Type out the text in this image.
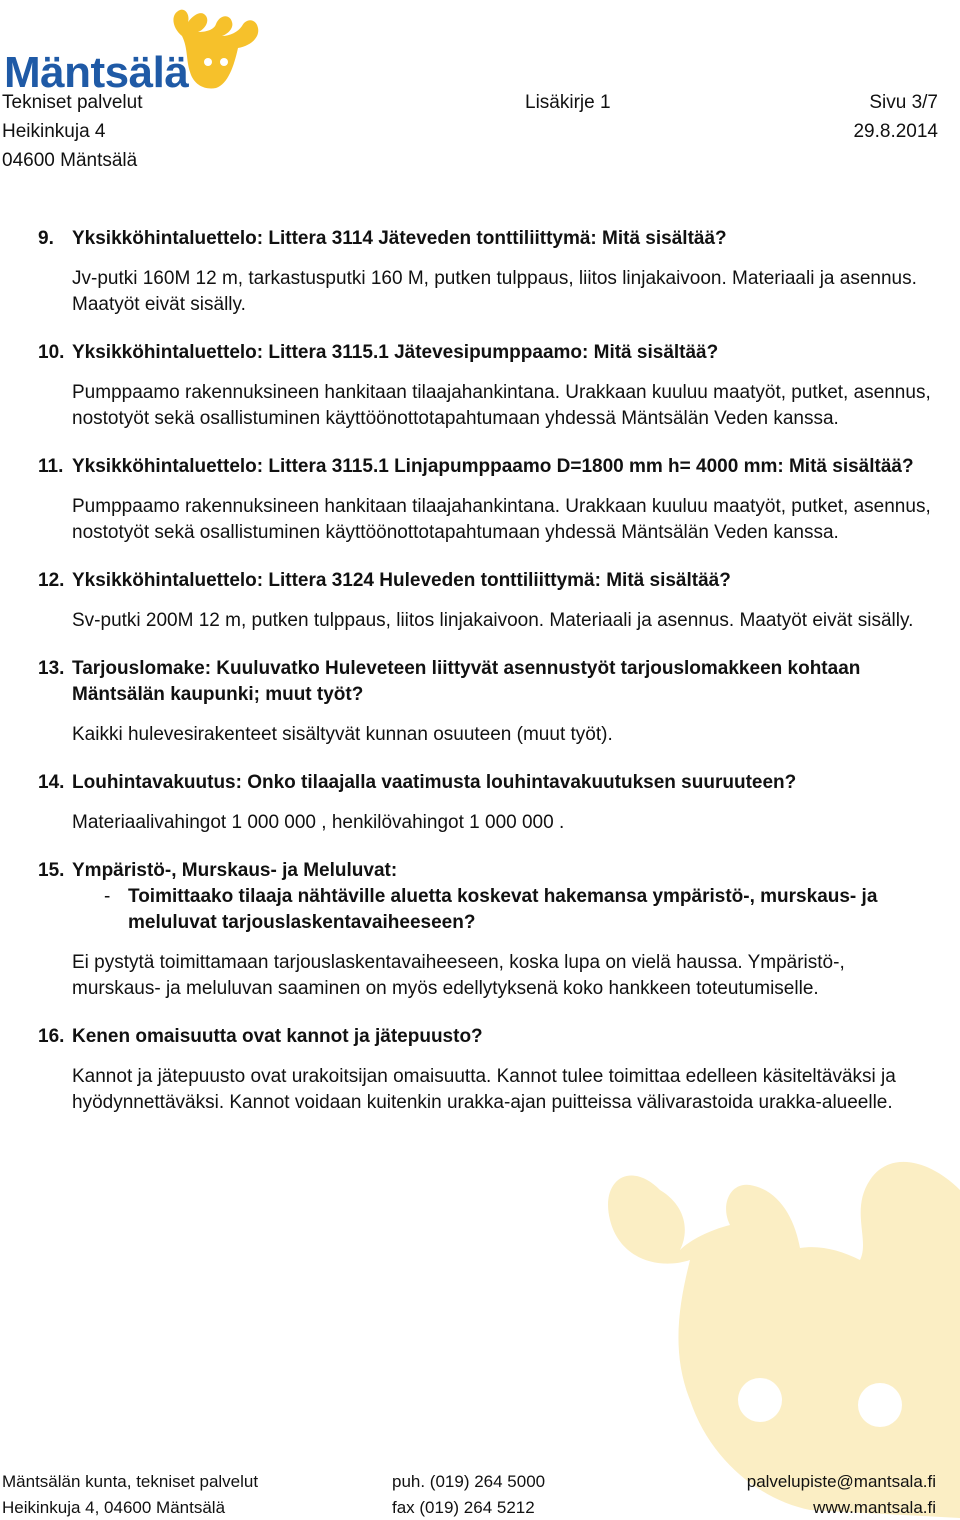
Mäntsälä
Tekniset palvelut
Heikinkuja 4
04600 Mäntsälä
Lisäkirje 1	Sivu 3/7
29.8.2014
9. Yksikköhintaluettelo: Littera 3114 Jäteveden tonttiliittymä: Mitä sisältää?
Jv-putki 160M 12 m, tarkastusputki 160 M, putken tulppaus, liitos linjakaivoon. Materiaali ja asennus. Maatyöt eivät sisälly.
10. Yksikköhintaluettelo: Littera 3115.1 Jätevesipumppaamo: Mitä sisältää?
Pumppaamo rakennuksineen hankitaan tilaajahankintana. Urakkaan kuuluu maatyöt, putket, asennus, nostotyöt sekä osallistuminen käyttöönottotapahtumaan yhdessä Mäntsälän Veden kanssa.
11. Yksikköhintaluettelo: Littera 3115.1 Linjapumppaamo D=1800 mm h= 4000 mm: Mitä sisältää?
Pumppaamo rakennuksineen hankitaan tilaajahankintana. Urakkaan kuuluu maatyöt, putket, asennus, nostotyöt sekä osallistuminen käyttöönottotapahtumaan yhdessä Mäntsälän Veden kanssa.
12. Yksikköhintaluettelo: Littera 3124 Huleveden tonttiliittymä: Mitä sisältää?
Sv-putki 200M 12 m, putken tulppaus, liitos linjakaivoon. Materiaali ja asennus. Maatyöt eivät sisälly.
13. Tarjouslomake: Kuuluvatko Huleveteen liittyvät asennustyöt tarjouslomakkeen kohtaan Mäntsälän kaupunki; muut työt?
Kaikki hulevesirakenteet sisältyvät kunnan osuuteen (muut työt).
14. Louhintavakuutus: Onko tilaajalla vaatimusta louhintavakuutuksen suuruuteen?
Materiaalivahingot 1 000 000 , henkilövahingot 1 000 000 .
15. Ympäristö-, Murskaus- ja Meluluvat:
- Toimittaako tilaaja nähtäville aluetta koskevat hakemansa ympäristö-, murskaus- ja meluluvat tarjouslaskentavaiheeseen?
Ei pystytä toimittamaan tarjouslaskentavaiheeseen, koska lupa on vielä haussa. Ympäristö-, murskaus- ja meluluvan saaminen on myös edellytyksenä koko hankkeen toteutumiselle.
16. Kenen omaisuutta ovat kannot ja jätepuusto?
Kannot ja jätepuusto ovat urakoitsijan omaisuutta. Kannot tulee toimittaa edelleen käsiteltäväksi ja hyödynnettäväksi. Kannot voidaan kuitenkin urakka-ajan puitteissa välivarastoida urakka-alueelle.
Mäntsälän kunta, tekniset palvelut
Heikinkuja 4, 04600 Mäntsälä
puh. (019) 264 5000
fax (019) 264 5212
palvelupiste@mantsala.fi
www.mantsala.fi
